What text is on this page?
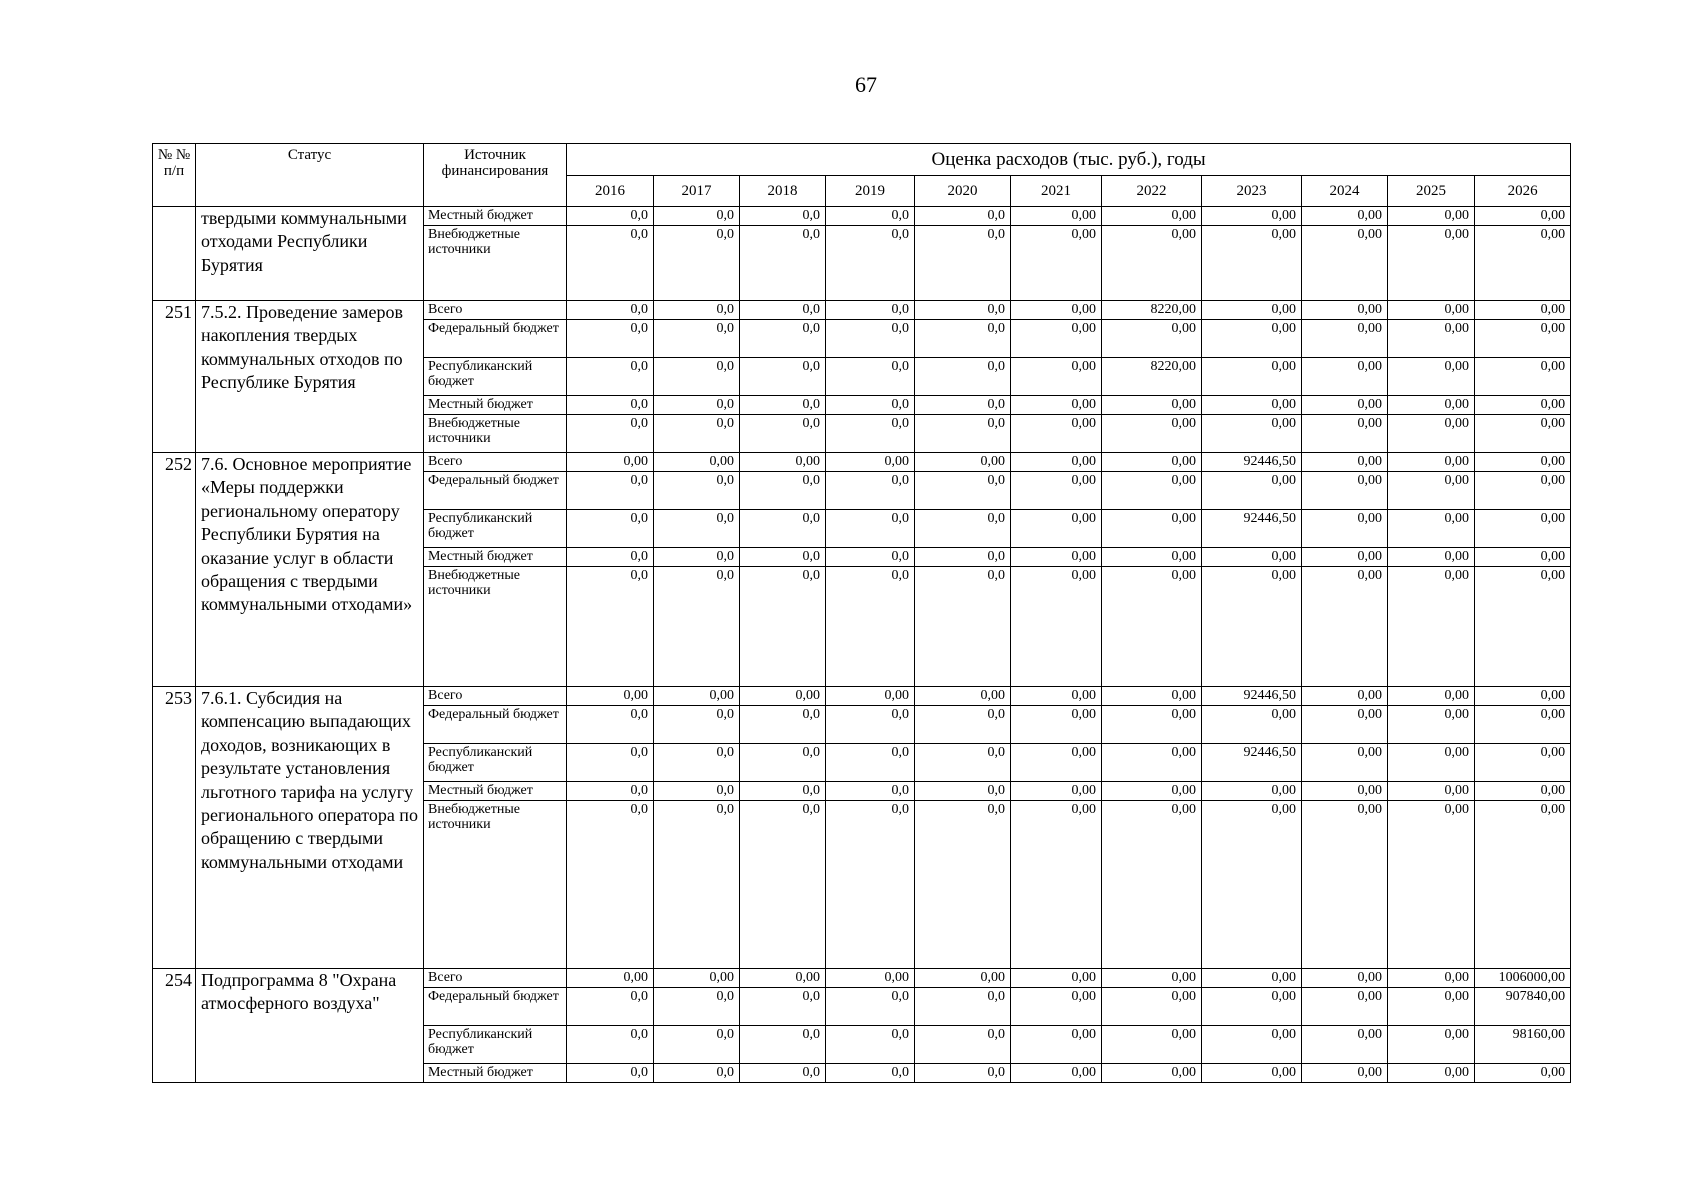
67
№ № п/п	Статус	Источник финансирования	Оценка расходов (тыс. руб.), годы										
			2016	2017	2018	2019	2020	2021	2022	2023	2024	2025	2026
	твердыми коммунальными отходами Республики Бурятия	Местный бюджет	0,0	0,0	0,0	0,0	0,0	0,00	0,00	0,00	0,00	0,00	0,00
		Внебюджетные источники	0,0	0,0	0,0	0,0	0,0	0,00	0,00	0,00	0,00	0,00	0,00
251	7.5.2. Проведение замеров накопления твердых коммунальных отходов по Республике Бурятия	Всего	0,0	0,0	0,0	0,0	0,0	0,00	8220,00	0,00	0,00	0,00	0,00
		Федеральный бюджет	0,0	0,0	0,0	0,0	0,0	0,00	0,00	0,00	0,00	0,00	0,00
		Республиканский бюджет	0,0	0,0	0,0	0,0	0,0	0,00	8220,00	0,00	0,00	0,00	0,00
		Местный бюджет	0,0	0,0	0,0	0,0	0,0	0,00	0,00	0,00	0,00	0,00	0,00
		Внебюджетные источники	0,0	0,0	0,0	0,0	0,0	0,00	0,00	0,00	0,00	0,00	0,00
252	7.6. Основное мероприятие «Меры поддержки региональному оператору Республики Бурятия на оказание услуг в области обращения с твердыми коммунальными отходами»	Всего	0,00	0,00	0,00	0,00	0,00	0,00	0,00	92446,50	0,00	0,00	0,00
		Федеральный бюджет	0,0	0,0	0,0	0,0	0,0	0,00	0,00	0,00	0,00	0,00	0,00
		Республиканский бюджет	0,0	0,0	0,0	0,0	0,0	0,00	0,00	92446,50	0,00	0,00	0,00
		Местный бюджет	0,0	0,0	0,0	0,0	0,0	0,00	0,00	0,00	0,00	0,00	0,00
		Внебюджетные источники	0,0	0,0	0,0	0,0	0,0	0,00	0,00	0,00	0,00	0,00	0,00
253	7.6.1. Субсидия на компенсацию выпадающих доходов, возникающих в результате установления льготного тарифа на услугу регионального оператора по обращению с твердыми коммунальными отходами	Всего	0,00	0,00	0,00	0,00	0,00	0,00	0,00	92446,50	0,00	0,00	0,00
		Федеральный бюджет	0,0	0,0	0,0	0,0	0,0	0,00	0,00	0,00	0,00	0,00	0,00
		Республиканский бюджет	0,0	0,0	0,0	0,0	0,0	0,00	0,00	92446,50	0,00	0,00	0,00
		Местный бюджет	0,0	0,0	0,0	0,0	0,0	0,00	0,00	0,00	0,00	0,00	0,00
		Внебюджетные источники	0,0	0,0	0,0	0,0	0,0	0,00	0,00	0,00	0,00	0,00	0,00
254	Подпрограмма 8 "Охрана атмосферного воздуха"	Всего	0,00	0,00	0,00	0,00	0,00	0,00	0,00	0,00	0,00	0,00	1006000,00
		Федеральный бюджет	0,0	0,0	0,0	0,0	0,0	0,00	0,00	0,00	0,00	0,00	907840,00
		Республиканский бюджет	0,0	0,0	0,0	0,0	0,0	0,00	0,00	0,00	0,00	0,00	98160,00
		Местный бюджет	0,0	0,0	0,0	0,0	0,0	0,00	0,00	0,00	0,00	0,00	0,00
